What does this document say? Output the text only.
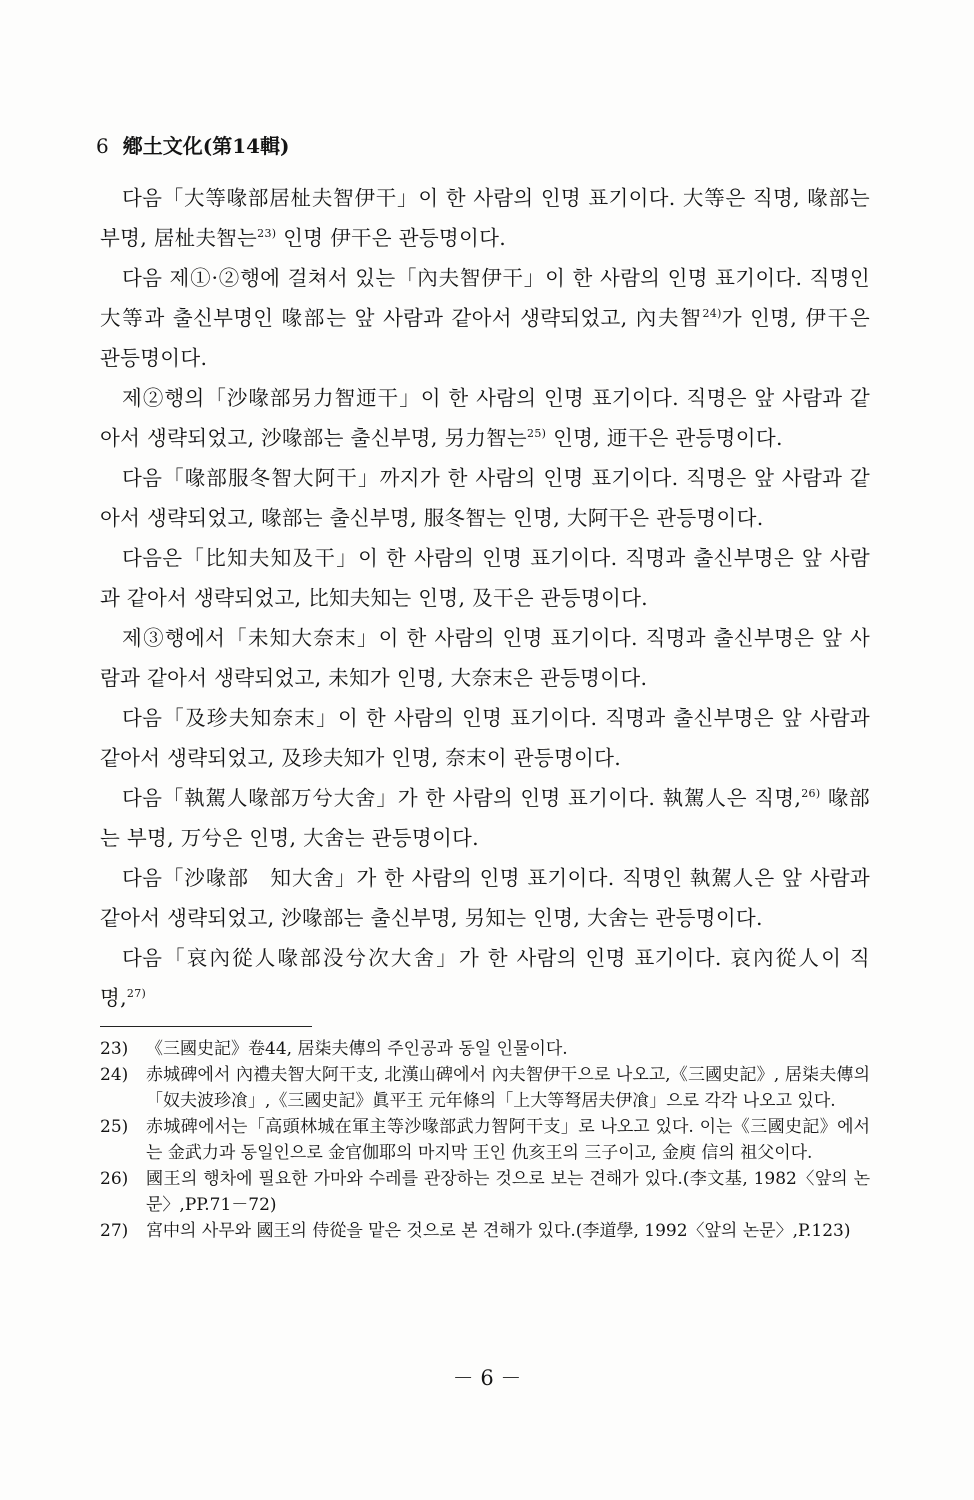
6 鄕土文化(第14輯)

다음「大等喙部居杫夫智伊干」이 한 사람의 인명 표기이다. 大等은 직명, 喙部는 부명, 居杫夫智는$^{23)}$ 인명 伊干은 관등명이다.

다음 제①·②행에 걸쳐서 있는「內夫智伊干」이 한 사람의 인명 표기이다. 직명인 大等과 출신부명인 喙部는 앞 사람과 같아서 생략되었고, 內夫智$^{24)}$가 인명, 伊干은 관등명이다.

제②행의「沙喙部另力智迊干」이 한 사람의 인명 표기이다. 직명은 앞 사람과 같아서 생략되었고, 沙喙部는 출신부명, 另力智는$^{25)}$ 인명, 迊干은 관등명이다.

다음「喙部服冬智大阿干」까지가 한 사람의 인명 표기이다. 직명은 앞 사람과 같아서 생략되었고, 喙部는 출신부명, 服冬智는 인명, 大阿干은 관등명이다.

다음은「比知夫知及干」이 한 사람의 인명 표기이다. 직명과 출신부명은 앞 사람과 같아서 생략되었고, 比知夫知는 인명, 及干은 관등명이다.

제③행에서「未知大奈末」이 한 사람의 인명 표기이다. 직명과 출신부명은 앞 사람과 같아서 생략되었고, 未知가 인명, 大奈末은 관등명이다.

다음「及珍夫知奈末」이 한 사람의 인명 표기이다. 직명과 출신부명은 앞 사람과 같아서 생략되었고, 及珍夫知가 인명, 奈末이 관등명이다.

다음「執駕人喙部万兮大舍」가 한 사람의 인명 표기이다. 執駕人은 직명,$^{26)}$ 喙部는 부명, 万兮은 인명, 大舍는 관등명이다.

다음「沙喙部　知大舍」가 한 사람의 인명 표기이다. 직명인 執駕人은 앞 사람과 같아서 생략되었고, 沙喙部는 출신부명, 另知는 인명, 大舍는 관등명이다.

다음「哀內從人喙部没兮次大舍」가 한 사람의 인명 표기이다. 哀內從人이 직명,$^{27)}$

23)	《三國史記》卷44, 居柒夫傳의 주인공과 동일 인물이다.

24)	赤城碑에서 內禮夫智大阿干支, 北漢山碑에서 內夫智伊干으로 나오고,《三國史記》, 居柒夫傳의「奴夫波珍飡」,《三國史記》眞平王 元年條의「上大等弩居夫伊飡」으로 각각 나오고 있다.

25)	赤城碑에서는「高頭林城在軍主等沙喙部武力智阿干支」로 나오고 있다. 이는《三國史記》에서는 金武力과 동일인으로 金官伽耶의 마지막 王인 仇亥王의 三子이고, 金庾 信의 祖父이다.

26)	國王의 행차에 필요한 가마와 수레를 관장하는 것으로 보는 견해가 있다.(李文基, 1982〈앞의 논문〉,PP.71－72)

27)	宮中의 사무와 國王의 侍從을 맡은 것으로 본 견해가 있다.(李道學, 1992〈앞의 논문〉,P.123)

－ 6 －
